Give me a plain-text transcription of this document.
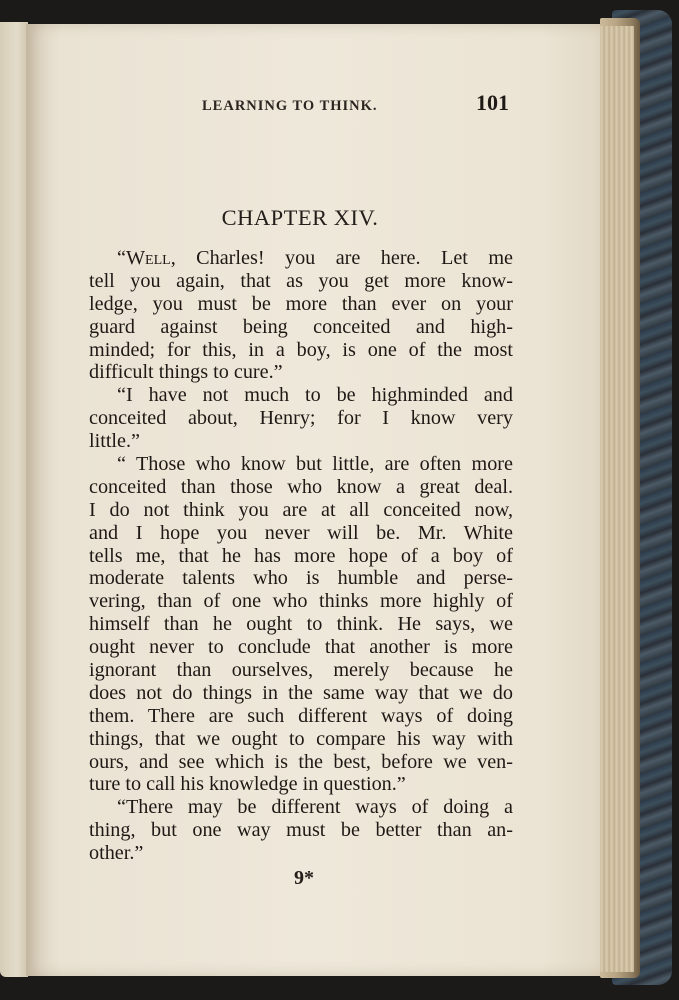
LEARNING TO THINK.	101
CHAPTER XIV.
“Well, Charles! you are here. Let me
tell you again, that as you get more know-
ledge, you must be more than ever on your
guard against being conceited and high-
minded; for this, in a boy, is one of the most
difficult things to cure.”
“I have not much to be highminded and
conceited about, Henry; for I know very
little.”
“ Those who know but little, are often more
conceited than those who know a great deal.
I do not think you are at all conceited now,
and I hope you never will be. Mr. White
tells me, that he has more hope of a boy of
moderate talents who is humble and perse-
vering, than of one who thinks more highly of
himself than he ought to think. He says, we
ought never to conclude that another is more
ignorant than ourselves, merely because he
does not do things in the same way that we do
them. There are such different ways of doing
things, that we ought to compare his way with
ours, and see which is the best, before we ven-
ture to call his knowledge in question.”
“There may be different ways of doing a
thing, but one way must be better than an-
other.”
9*
